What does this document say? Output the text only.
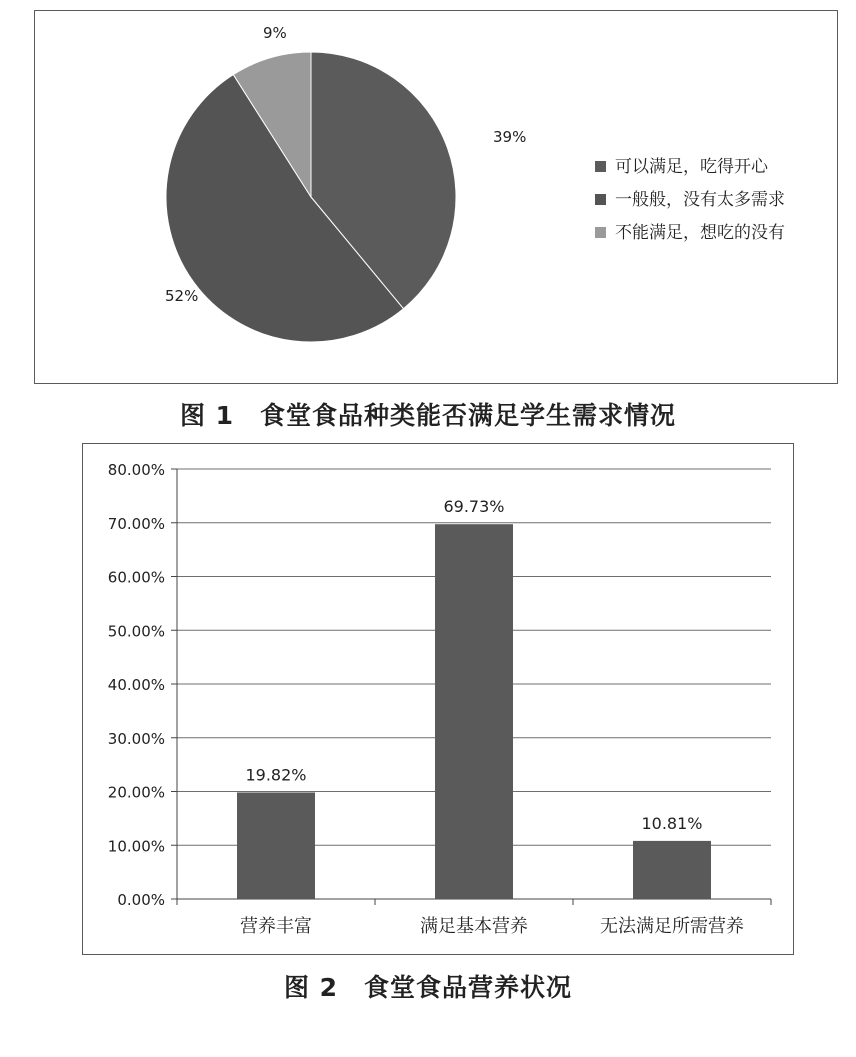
39%
52%
9%
可以满足，吃得开心
一般般，没有太多需求
不能满足，想吃的没有
图 1　食堂食品种类能否满足学生需求情况
0.00%
10.00%
20.00%
30.00%
40.00%
50.00%
60.00%
70.00%
80.00%
19.82%
营养丰富
69.73%
满足基本营养
10.81%
无法满足所需营养
图 2　食堂食品营养状况
